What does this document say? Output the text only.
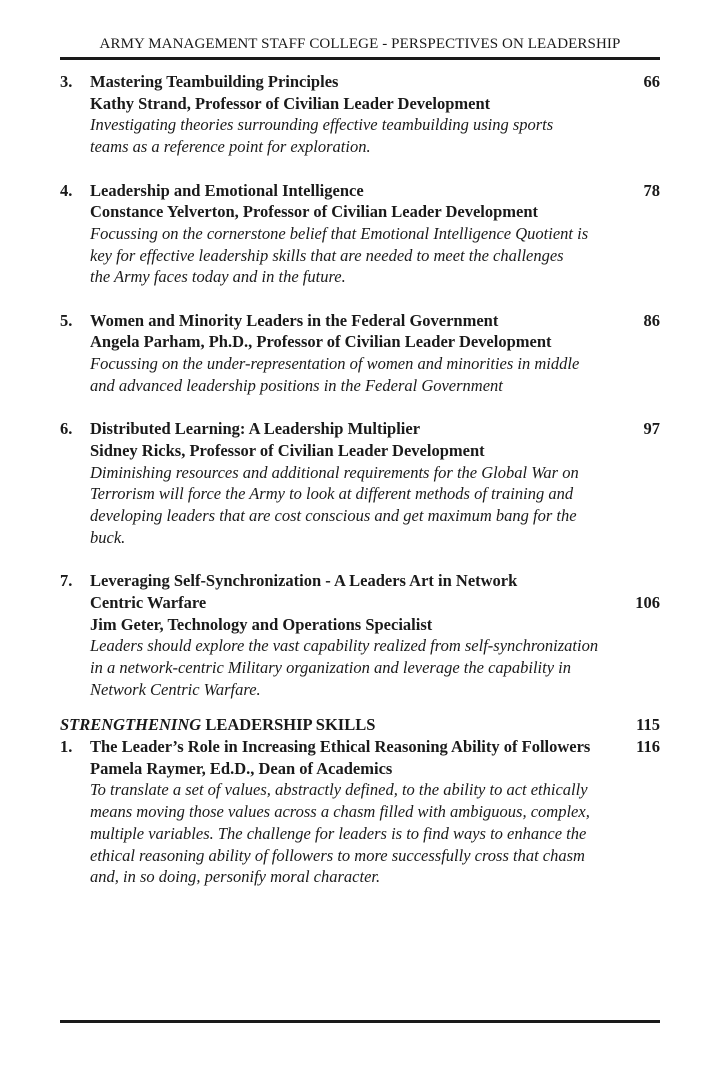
ARMY MANAGEMENT STAFF COLLEGE - PERSPECTIVES ON LEADERSHIP
3. Mastering Teambuilding Principles	66
Kathy Strand, Professor of Civilian Leader Development
Investigating theories surrounding effective teambuilding using sports
teams as a reference point for exploration.
4. Leadership and Emotional Intelligence	78
Constance Yelverton, Professor of Civilian Leader Development
Focussing on the cornerstone belief that Emotional Intelligence Quotient is
key for effective leadership skills that are needed to meet the challenges
the Army faces today and in the future.
5. Women and Minority Leaders in the Federal Government	86
Angela Parham, Ph.D., Professor of Civilian Leader Development
Focussing on the under-representation of women and minorities in middle
and advanced leadership positions in the Federal Government
6. Distributed Learning: A Leadership Multiplier	97
Sidney Ricks, Professor of Civilian Leader Development
Diminishing resources and additional requirements for the Global War on
Terrorism will force the Army to look at different methods of training and
developing leaders that are cost conscious and get maximum bang for the
buck.
7. Leveraging Self-Synchronization - A Leaders Art in Network
Centric Warfare	106
Jim Geter, Technology and Operations Specialist
Leaders should explore the vast capability realized from self-synchronization
in a network-centric Military organization and leverage the capability in
Network Centric Warfare.
STRENGTHENING LEADERSHIP SKILLS	115
1. The Leader’s Role in Increasing Ethical Reasoning Ability of Followers	116
Pamela Raymer, Ed.D., Dean of Academics
To translate a set of values, abstractly defined, to the ability to act ethically
means moving those values across a chasm filled with ambiguous, complex,
multiple variables. The challenge for leaders is to find ways to enhance the
ethical reasoning ability of followers to more successfully cross that chasm
and, in so doing, personify moral character.
